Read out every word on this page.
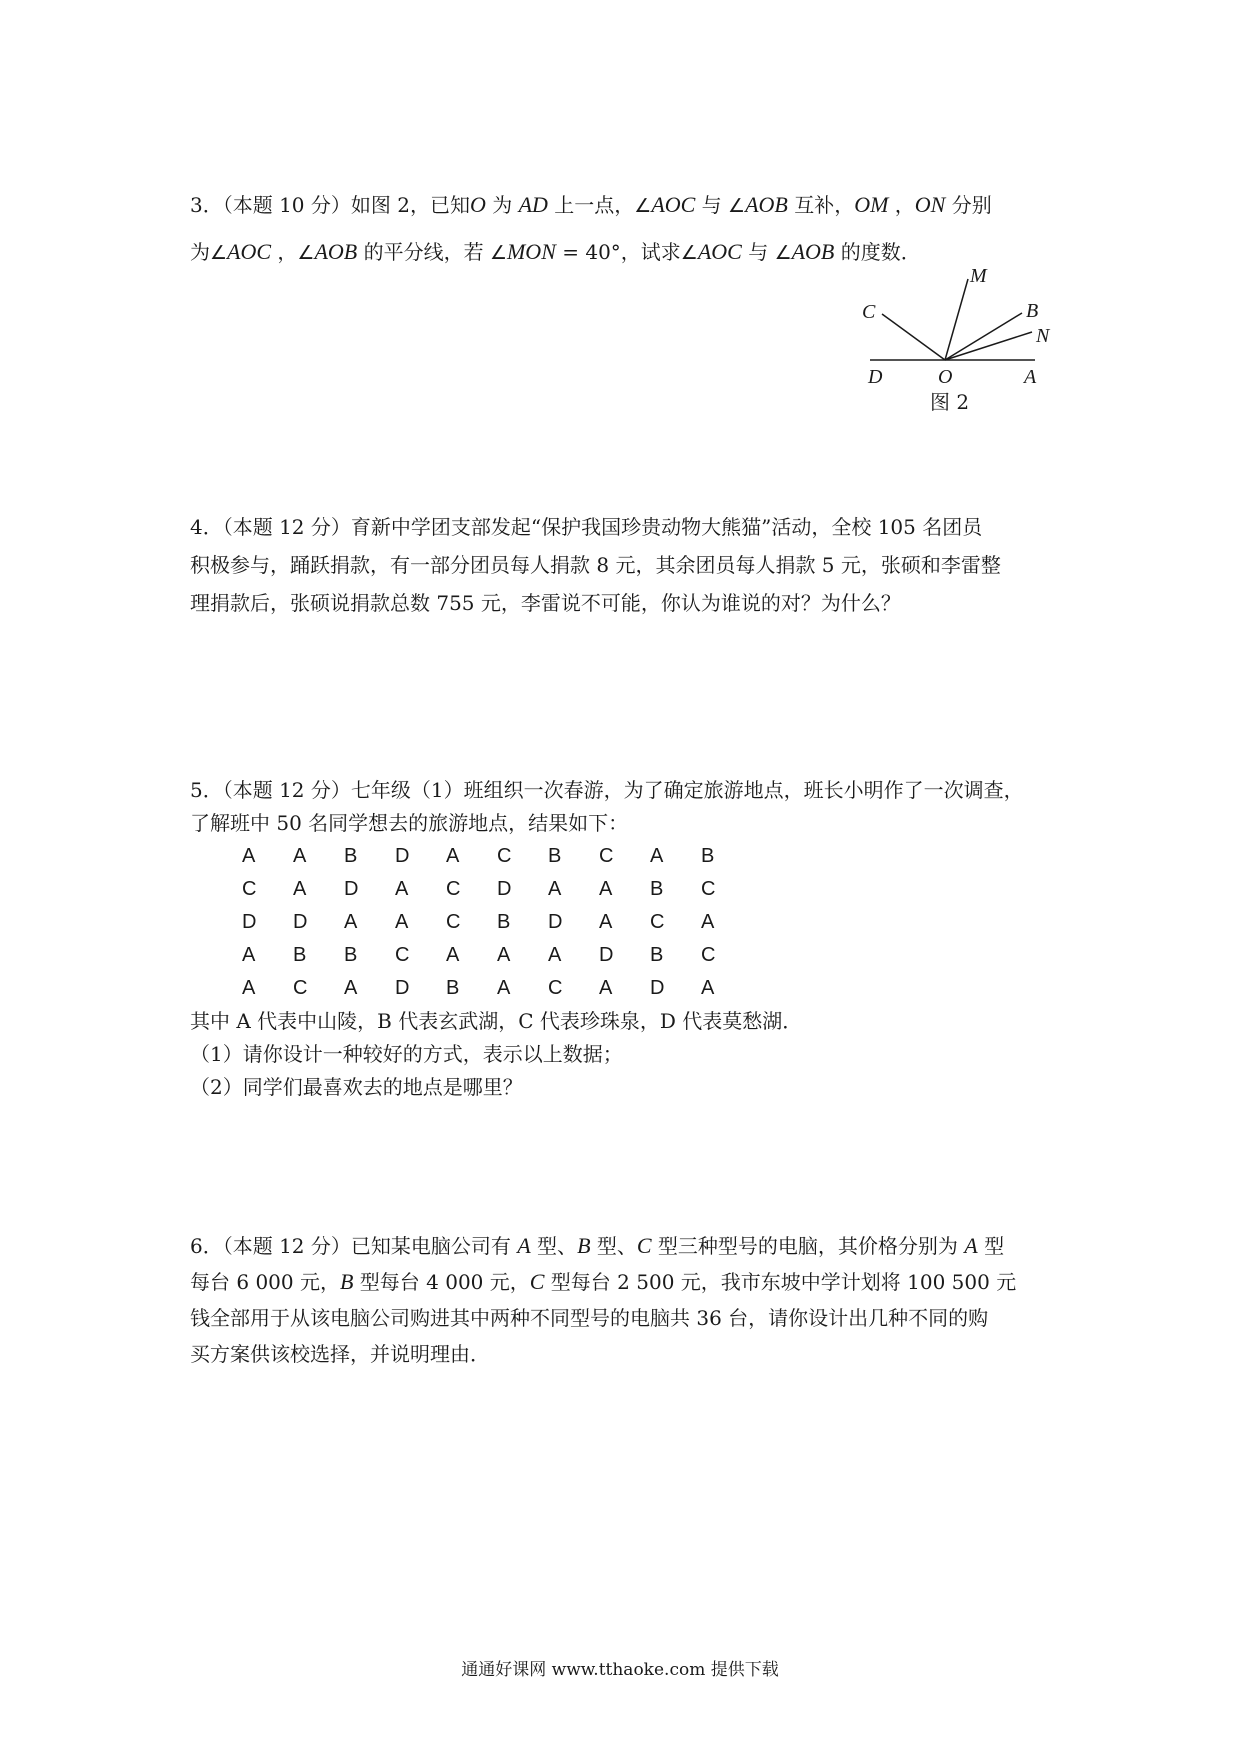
3．（本题 10 分）如图 2，已知O 为 AD 上一点，∠AOC 与 ∠AOB 互补，OM ，ON 分别
为∠AOC ，∠AOB 的平分线，若 ∠MON = 40°，试求∠AOC 与 ∠AOB 的度数．
C
M
B
N
D	O	A
图 2
4．（本题 12 分）育新中学团支部发起“保护我国珍贵动物大熊猫”活动，全校 105 名团员
积极参与，踊跃捐款，有一部分团员每人捐款 8 元，其余团员每人捐款 5 元，张硕和李雷整
理捐款后，张硕说捐款总数 755 元，李雷说不可能，你认为谁说的对？为什么？
5．（本题 12 分）七年级（1）班组织一次春游，为了确定旅游地点，班长小明作了一次调查，
了解班中 50 名同学想去的旅游地点，结果如下：
A	A	B	D	A	C	B	C	A	B
C	A	D	A	C	D	A	A	B	C
D	D	A	A	C	B	D	A	C	A
A	B	B	C	A	A	A	D	B	C
A	C	A	D	B	A	C	A	D	A
其中 A 代表中山陵，B 代表玄武湖，C 代表珍珠泉，D 代表莫愁湖．
（1）请你设计一种较好的方式，表示以上数据；
（2）同学们最喜欢去的地点是哪里？
6．（本题 12 分）已知某电脑公司有 A 型、B 型、C 型三种型号的电脑，其价格分别为 A 型
每台 6 000 元，B 型每台 4 000 元，C 型每台 2 500 元，我市东坡中学计划将 100 500 元
钱全部用于从该电脑公司购进其中两种不同型号的电脑共 36 台，请你设计出几种不同的购
买方案供该校选择，并说明理由．
通通好课网 www.tthaoke.com 提供下载
